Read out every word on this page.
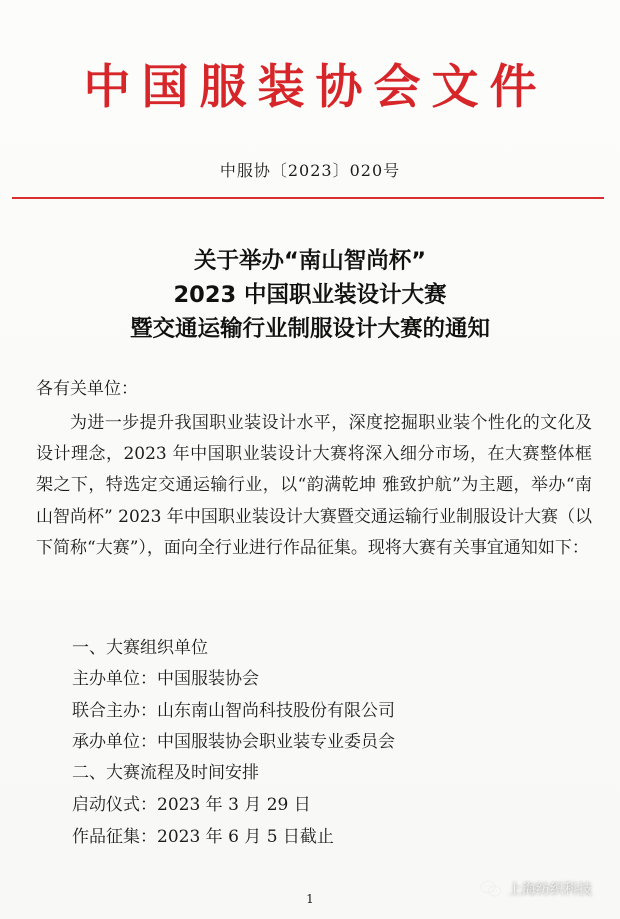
中国服装协会文件
中服协〔2023〕020号
关于举办“南山智尚杯”
2023 中国职业装设计大赛
暨交通运输行业制服设计大赛的通知
各有关单位：
为进一步提升我国职业装设计水平，深度挖掘职业装个性化的文化及设计理念，2023 年中国职业装设计大赛将深入细分市场，在大赛整体框架之下，特选定交通运输行业，以“韵满乾坤 雅致护航”为主题，举办“南山智尚杯” 2023 年中国职业装设计大赛暨交通运输行业制服设计大赛（以下简称“大赛”），面向全行业进行作品征集。现将大赛有关事宜通知如下：
一、大赛组织单位
主办单位：中国服装协会
联合主办：山东南山智尚科技股份有限公司
承办单位：中国服装协会职业装专业委员会
二、大赛流程及时间安排
启动仪式：2023 年 3 月 29 日
作品征集：2023 年 6 月 5 日截止
1
上海纺织科技
